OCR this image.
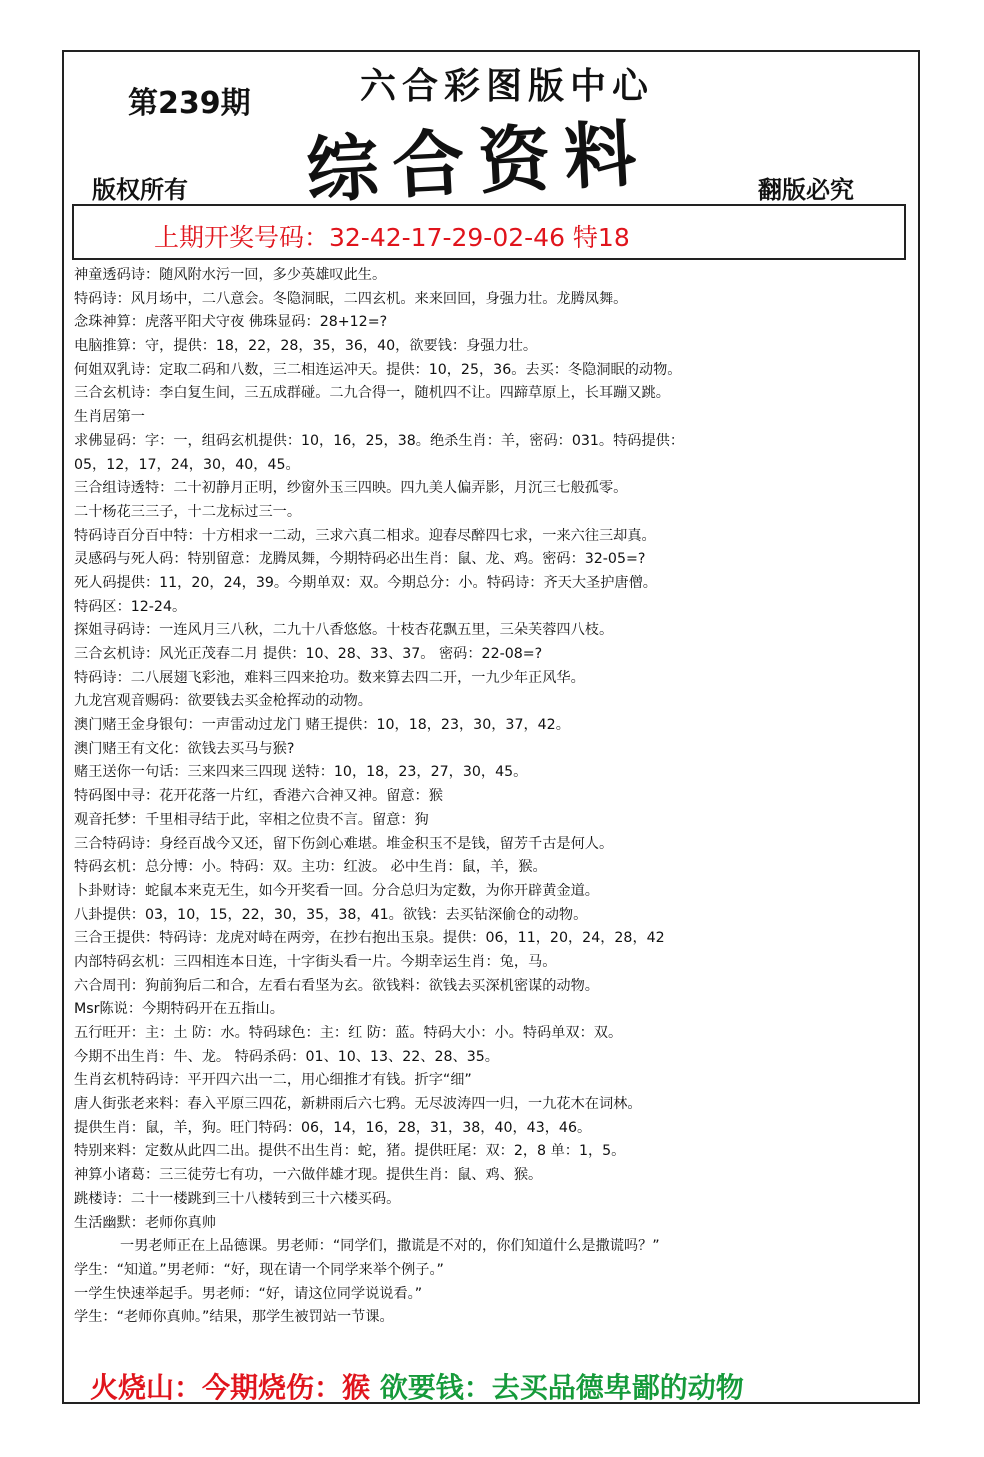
第239期	六合彩图版中心
综合资料
版权所有	翻版必究
上期开奖号码：32-42-17-29-02-46 特18
神童透码诗：随风附水污一回，多少英雄叹此生。
特码诗：风月场中，二八意会。冬隐洞眠，二四玄机。来来回回，身强力壮。龙腾凤舞。
念珠神算：虎落平阳犬守夜 佛珠显码：28+12=?
电脑推算：守，提供：18，22，28，35，36，40，欲要钱：身强力壮。
何姐双乳诗：定取二码和八数，三二相连运冲天。提供：10，25，36。去买：冬隐洞眠的动物。
三合玄机诗：李白复生间，三五成群碰。二九合得一，随机四不让。四蹄草原上，长耳蹦又跳。
生肖居第一
求佛显码：字：一，组码玄机提供：10，16，25，38。绝杀生肖：羊，密码：031。特码提供：
05，12，17，24，30，40，45。
三合组诗透特：二十初静月正明，纱窗外玉三四映。四九美人偏弄影，月沉三七般孤零。
二十杨花三三子，十二龙标过三一。
特码诗百分百中特：十方相求一二动，三求六真二相求。迎春尽醉四七求，一来六往三却真。
灵感码与死人码：特别留意：龙腾凤舞，今期特码必出生肖：鼠、龙、鸡。密码：32-05=?
死人码提供：11，20，24，39。今期单双：双。今期总分：小。特码诗：齐天大圣护唐僧。
特码区：12-24。
探姐寻码诗：一连风月三八秋，二九十八香悠悠。十枝杏花飘五里，三朵芙蓉四八枝。
三合玄机诗：风光正茂春二月 提供：10、28、33、37。 密码：22-08=?
特码诗：二八展翅飞彩池，难料三四来抢功。数来算去四二开，一九少年正风华。
九龙宫观音赐码：欲要钱去买金枪挥动的动物。
澳门赌王金身银句：一声雷动过龙门 赌王提供：10，18，23，30，37，42。
澳门赌王有文化：欲钱去买马与猴?
赌王送你一句话：三来四来三四现 送特：10，18，23，27，30，45。
特码图中寻：花开花落一片红，香港六合神又神。留意：猴
观音托梦：千里相寻结于此，宰相之位贵不言。留意：狗
三合特码诗：身经百战今又还，留下伤剑心难堪。堆金积玉不是钱，留芳千古是何人。
特码玄机：总分博：小。特码：双。主功：红波。 必中生肖：鼠，羊，猴。
卜卦财诗：蛇鼠本来克无生，如今开奖看一回。分合总归为定数，为你开辟黄金道。
八卦提供：03，10，15，22，30，35，38，41。欲钱：去买钻深偷仓的动物。
三合王提供：特码诗：龙虎对峙在两旁，在抄右抱出玉泉。提供：06，11，20，24，28，42
内部特码玄机：三四相连本日连，十字街头看一片。今期幸运生肖：兔，马。
六合周刊：狗前狗后二和合，左看右看坚为玄。欲钱料：欲钱去买深机密谋的动物。
Msr陈说：今期特码开在五指山。
五行旺开：主：土 防：水。特码球色：主：红 防：蓝。特码大小：小。特码单双：双。
今期不出生肖：牛、龙。 特码杀码：01、10、13、22、28、35。
生肖玄机特码诗：平开四六出一二，用心细推才有钱。折字“细”
唐人街张老来料：春入平原三四花，新耕雨后六七鸦。无尽波涛四一归，一九花木在词林。
提供生肖：鼠，羊，狗。旺门特码：06，14，16，28，31，38，40，43，46。
特别来料：定数从此四二出。提供不出生肖：蛇，猪。提供旺尾：双：2，8 单：1，5。
神算小诸葛：三三徒劳七有功，一六做伴雄才现。提供生肖：鼠、鸡、猴。
跳楼诗：二十一楼跳到三十八楼转到三十六楼买码。
生活幽默：老师你真帅
一男老师正在上品德课。男老师：“同学们，撒谎是不对的，你们知道什么是撒谎吗？”
学生：“知道。”男老师：“好，现在请一个同学来举个例子。”
一学生快速举起手。男老师：“好，请这位同学说说看。”
学生：“老师你真帅。”结果，那学生被罚站一节课。
火烧山：今期烧伤：猴 欲要钱：去买品德卑鄙的动物
